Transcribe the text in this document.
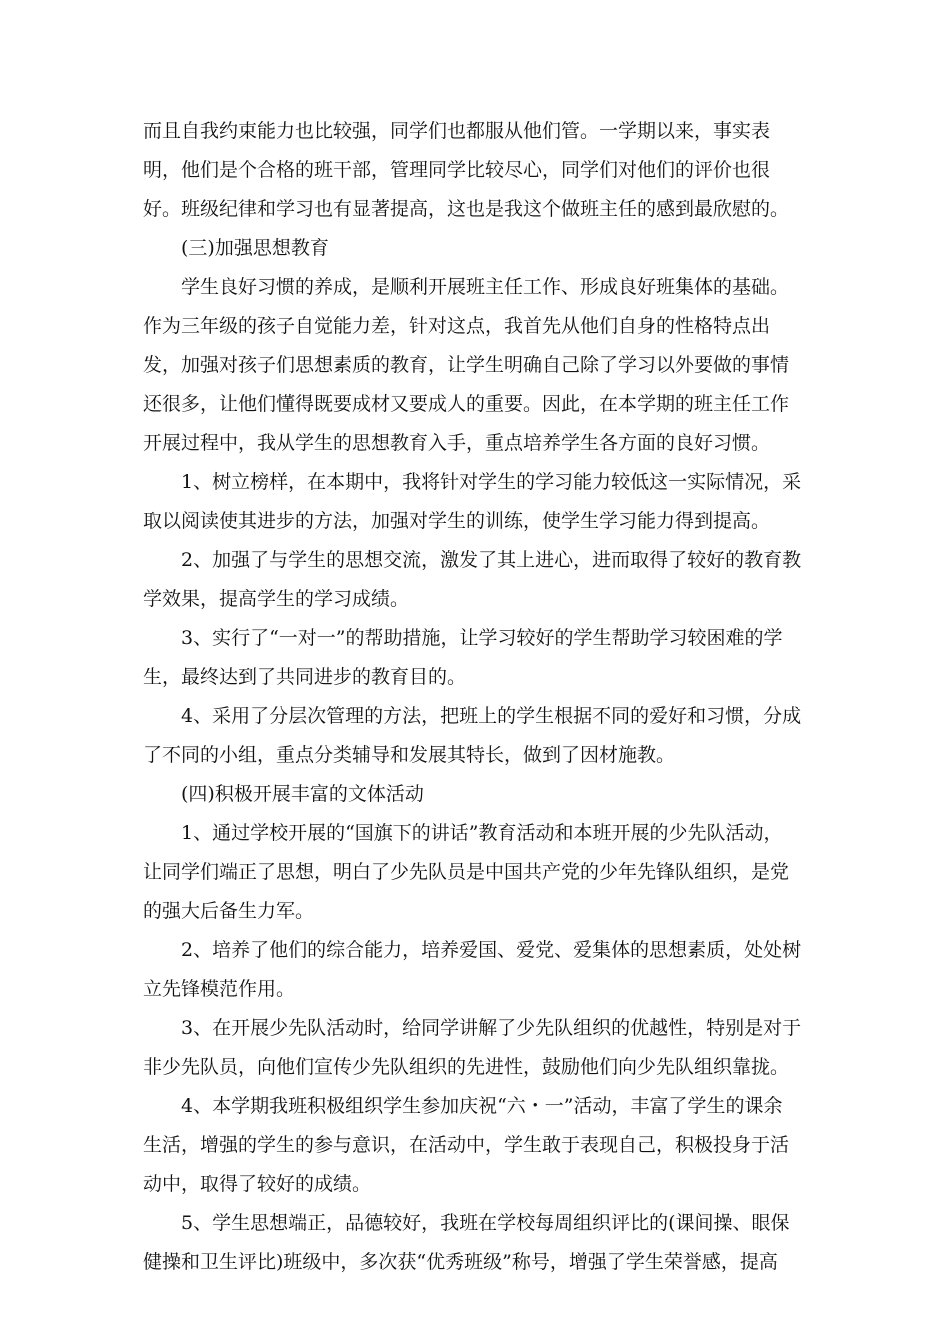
而且自我约束能力也比较强，同学们也都服从他们管。一学期以来，事实表
明，他们是个合格的班干部，管理同学比较尽心，同学们对他们的评价也很
好。班级纪律和学习也有显著提高，这也是我这个做班主任的感到最欣慰的。
(三)加强思想教育
学生良好习惯的养成，是顺利开展班主任工作、形成良好班集体的基础。
作为三年级的孩子自觉能力差，针对这点，我首先从他们自身的性格特点出
发，加强对孩子们思想素质的教育，让学生明确自己除了学习以外要做的事情
还很多，让他们懂得既要成材又要成人的重要。因此，在本学期的班主任工作
开展过程中，我从学生的思想教育入手，重点培养学生各方面的良好习惯。
1、树立榜样，在本期中，我将针对学生的学习能力较低这一实际情况，采
取以阅读使其进步的方法，加强对学生的训练，使学生学习能力得到提高。
2、加强了与学生的思想交流，激发了其上进心，进而取得了较好的教育教
学效果，提高学生的学习成绩。
3、实行了“一对一”的帮助措施，让学习较好的学生帮助学习较困难的学
生，最终达到了共同进步的教育目的。
4、采用了分层次管理的方法，把班上的学生根据不同的爱好和习惯，分成
了不同的小组，重点分类辅导和发展其特长，做到了因材施教。
(四)积极开展丰富的文体活动
1、通过学校开展的“国旗下的讲话”教育活动和本班开展的少先队活动，
让同学们端正了思想，明白了少先队员是中国共产党的少年先锋队组织，是党
的强大后备生力军。
2、培养了他们的综合能力，培养爱国、爱党、爱集体的思想素质，处处树
立先锋模范作用。
3、在开展少先队活动时，给同学讲解了少先队组织的优越性，特别是对于
非少先队员，向他们宣传少先队组织的先进性，鼓励他们向少先队组织靠拢。
4、本学期我班积极组织学生参加庆祝“六・一”活动，丰富了学生的课余
生活，增强的学生的参与意识，在活动中，学生敢于表现自己，积极投身于活
动中，取得了较好的成绩。
5、学生思想端正，品德较好，我班在学校每周组织评比的(课间操、眼保
健操和卫生评比)班级中，多次获“优秀班级”称号，增强了学生荣誉感，提高
